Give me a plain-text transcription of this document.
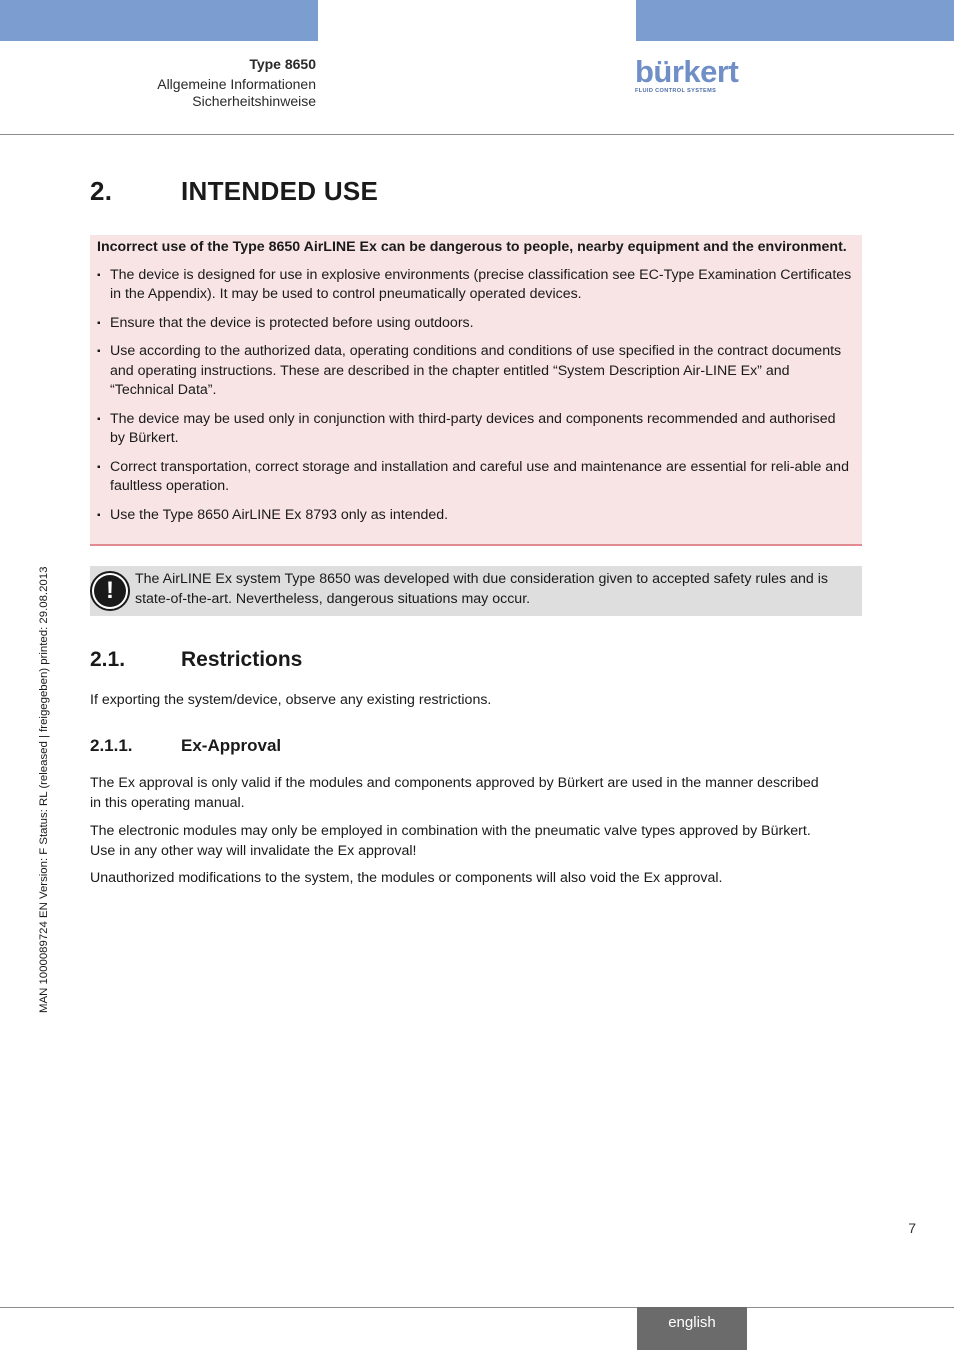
Type 8650
Allgemeine Informationen
Sicherheitshinweise
bürkert
FLUID CONTROL SYSTEMS
2.	INTENDED USE
Incorrect use of the Type 8650 AirLINE Ex can be dangerous to people, nearby equipment and the environment.
▪ The device is designed for use in explosive environments (precise classification see EC-Type Examination Certificates in the Appendix). It may be used to control pneumatically operated devices.
▪ Ensure that the device is protected before using outdoors.
▪ Use according to the authorized data, operating conditions and conditions of use specified in the contract documents and operating instructions. These are described in the chapter entitled “System Description Air-LINE Ex” and “Technical Data”.
▪ The device may be used only in conjunction with third-party devices and components recommended and authorised by Bürkert.
▪ Correct transportation, correct storage and installation and careful use and maintenance are essential for reli-able and faultless operation.
▪ Use the Type 8650 AirLINE Ex 8793 only as intended.
!	The AirLINE Ex system Type 8650 was developed with due consideration given to accepted safety rules and is state-of-the-art. Nevertheless, dangerous situations may occur.
2.1.	Restrictions
If exporting the system/device, observe any existing restrictions.
2.1.1.	Ex-Approval
The Ex approval is only valid if the modules and components approved by Bürkert are used in the manner described in this operating manual.
The electronic modules may only be employed in combination with the pneumatic valve types approved by Bürkert. Use in any other way will invalidate the Ex approval!
Unauthorized modifications to the system, the modules or components will also void the Ex approval.
MAN 1000089724 EN Version: F Status: RL (released | freigegeben) printed: 29.08.2013
7
english
